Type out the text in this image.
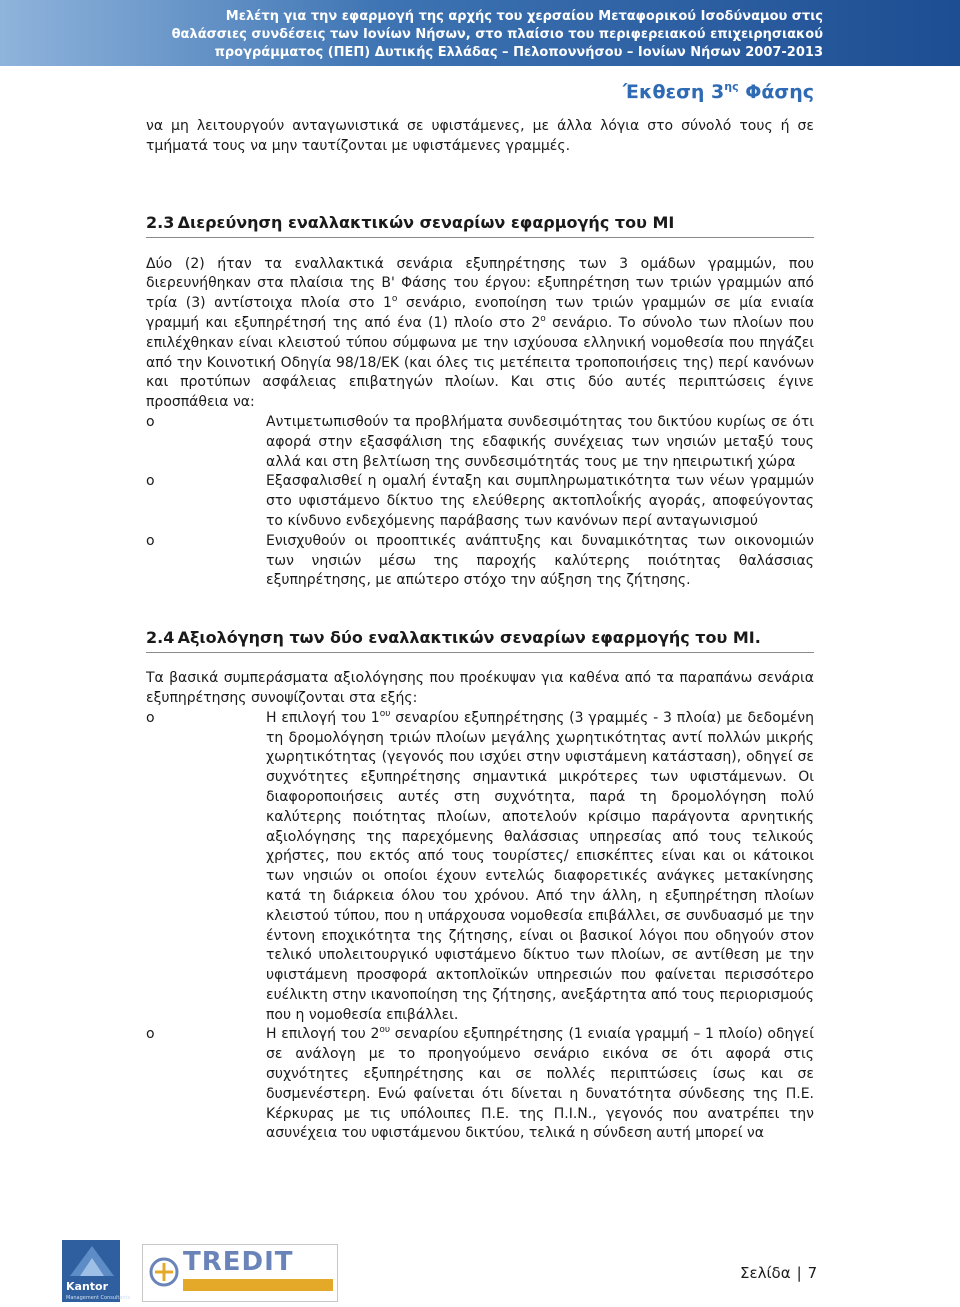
Μελέτη για την εφαρμογή της αρχής του χερσαίου Μεταφορικού Ισοδύναμου στις
θαλάσσιες συνδέσεις των Ιονίων Νήσων, στο πλαίσιο του περιφερειακού επιχειρησιακού
προγράμματος (ΠΕΠ) Δυτικής Ελλάδας – Πελοποννήσου – Ιονίων Νήσων 2007-2013
Έκθεση $3^{\eta\varsigma}$ Φάσης

να μη λειτουργούν ανταγωνιστικά σε υφιστάμενες, με άλλα λόγια στο σύνολό τους ή σε τμήματά τους να μην ταυτίζονται με υφιστάμενες γραμμές.

2.3 Διερεύνηση εναλλακτικών σεναρίων εφαρμογής του ΜΙ

Δύο (2) ήταν τα εναλλακτικά σενάρια εξυπηρέτησης των 3 ομάδων γραμμών, που διερευνήθηκαν στα πλαίσια της Β' Φάσης του έργου: εξυπηρέτηση των τριών γραμμών από τρία (3) αντίστοιχα πλοία στο $1^o$ σενάριο, ενοποίηση των τριών γραμμών σε μία ενιαία γραμμή και εξυπηρέτησή της από ένα (1) πλοίο στο $2^o$ σενάριο. Το σύνολο των πλοίων που επιλέχθηκαν είναι κλειστού τύπου σύμφωνα με την ισχύουσα ελληνική νομοθεσία που πηγάζει από την Κοινοτική Οδηγία 98/18/ΕΚ (και όλες τις μετέπειτα τροποποιήσεις της) περί κανόνων και προτύπων ασφάλειας επιβατηγών πλοίων. Και στις δύο αυτές περιπτώσεις έγινε προσπάθεια να:

o	Αντιμετωπισθούν τα προβλήματα συνδεσιμότητας του δικτύου κυρίως σε ότι αφορά στην εξασφάλιση της εδαφικής συνέχειας των νησιών μεταξύ τους αλλά και στη βελτίωση της συνδεσιμότητάς τους με την ηπειρωτική χώρα
o	Εξασφαλισθεί η ομαλή ένταξη και συμπληρωματικότητα των νέων γραμμών στο υφιστάμενο δίκτυο της ελεύθερης ακτοπλοΐκής αγοράς, αποφεύγοντας το κίνδυνο ενδεχόμενης παράβασης των κανόνων περί ανταγωνισμού
o	Ενισχυθούν οι προοπτικές ανάπτυξης και δυναμικότητας των οικονομιών των νησιών μέσω της παροχής καλύτερης ποιότητας θαλάσσιας εξυπηρέτησης, με απώτερο στόχο την αύξηση της ζήτησης.
2.4 Αξιολόγηση των δύο εναλλακτικών σεναρίων εφαρμογής του ΜΙ.

Τα βασικά συμπεράσματα αξιολόγησης που προέκυψαν για καθένα από τα παραπάνω σενάρια εξυπηρέτησης συνοψίζονται στα εξής:

o	Η επιλογή του $1^{o\upsilon}$ σεναρίου εξυπηρέτησης (3 γραμμές - 3 πλοία) με δεδομένη τη δρομολόγηση τριών πλοίων μεγάλης χωρητικότητας αντί πολλών μικρής χωρητικότητας (γεγονός που ισχύει στην υφιστάμενη κατάσταση), οδηγεί σε συχνότητες εξυπηρέτησης σημαντικά μικρότερες των υφιστάμενων. Οι διαφοροποιήσεις αυτές στη συχνότητα, παρά τη δρομολόγηση πολύ καλύτερης ποιότητας πλοίων, αποτελούν κρίσιμο παράγοντα αρνητικής αξιολόγησης της παρεχόμενης θαλάσσιας υπηρεσίας από τους τελικούς χρήστες, που εκτός από τους τουρίστες/ επισκέπτες είναι και οι κάτοικοι των νησιών οι οποίοι έχουν εντελώς διαφορετικές ανάγκες μετακίνησης κατά τη διάρκεια όλου του χρόνου. Από την άλλη, η εξυπηρέτηση πλοίων κλειστού τύπου, που η υπάρχουσα νομοθεσία επιβάλλει, σε συνδυασμό με την έντονη εποχικότητα της ζήτησης, είναι οι βασικοί λόγοι που οδηγούν στον τελικό υπολειτουργικό υφιστάμενο δίκτυο των πλοίων, σε αντίθεση με την υφιστάμενη προσφορά ακτοπλοϊκών υπηρεσιών που φαίνεται περισσότερο ευέλικτη στην ικανοποίηση της ζήτησης, ανεξάρτητα από τους περιορισμούς που η νομοθεσία επιβάλλει.
o	Η επιλογή του $2^{o\upsilon}$ σεναρίου εξυπηρέτησης (1 ενιαία γραμμή – 1 πλοίο) οδηγεί σε ανάλογη με το προηγούμενο σενάριο εικόνα σε ότι αφορά στις συχνότητες εξυπηρέτησης και σε πολλές περιπτώσεις ίσως και σε δυσμενέστερη. Ενώ φαίνεται ότι δίνεται η δυνατότητα σύνδεσης της Π.Ε. Κέρκυρας με τις υπόλοιπες Π.Ε. της Π.Ι.Ν., γεγονός που ανατρέπει την ασυνέχεια του υφιστάμενου δικτύου, τελικά η σύνδεση αυτή μπορεί να
Kantor
Management Consultants
TREDIT	Σελίδα | 7
